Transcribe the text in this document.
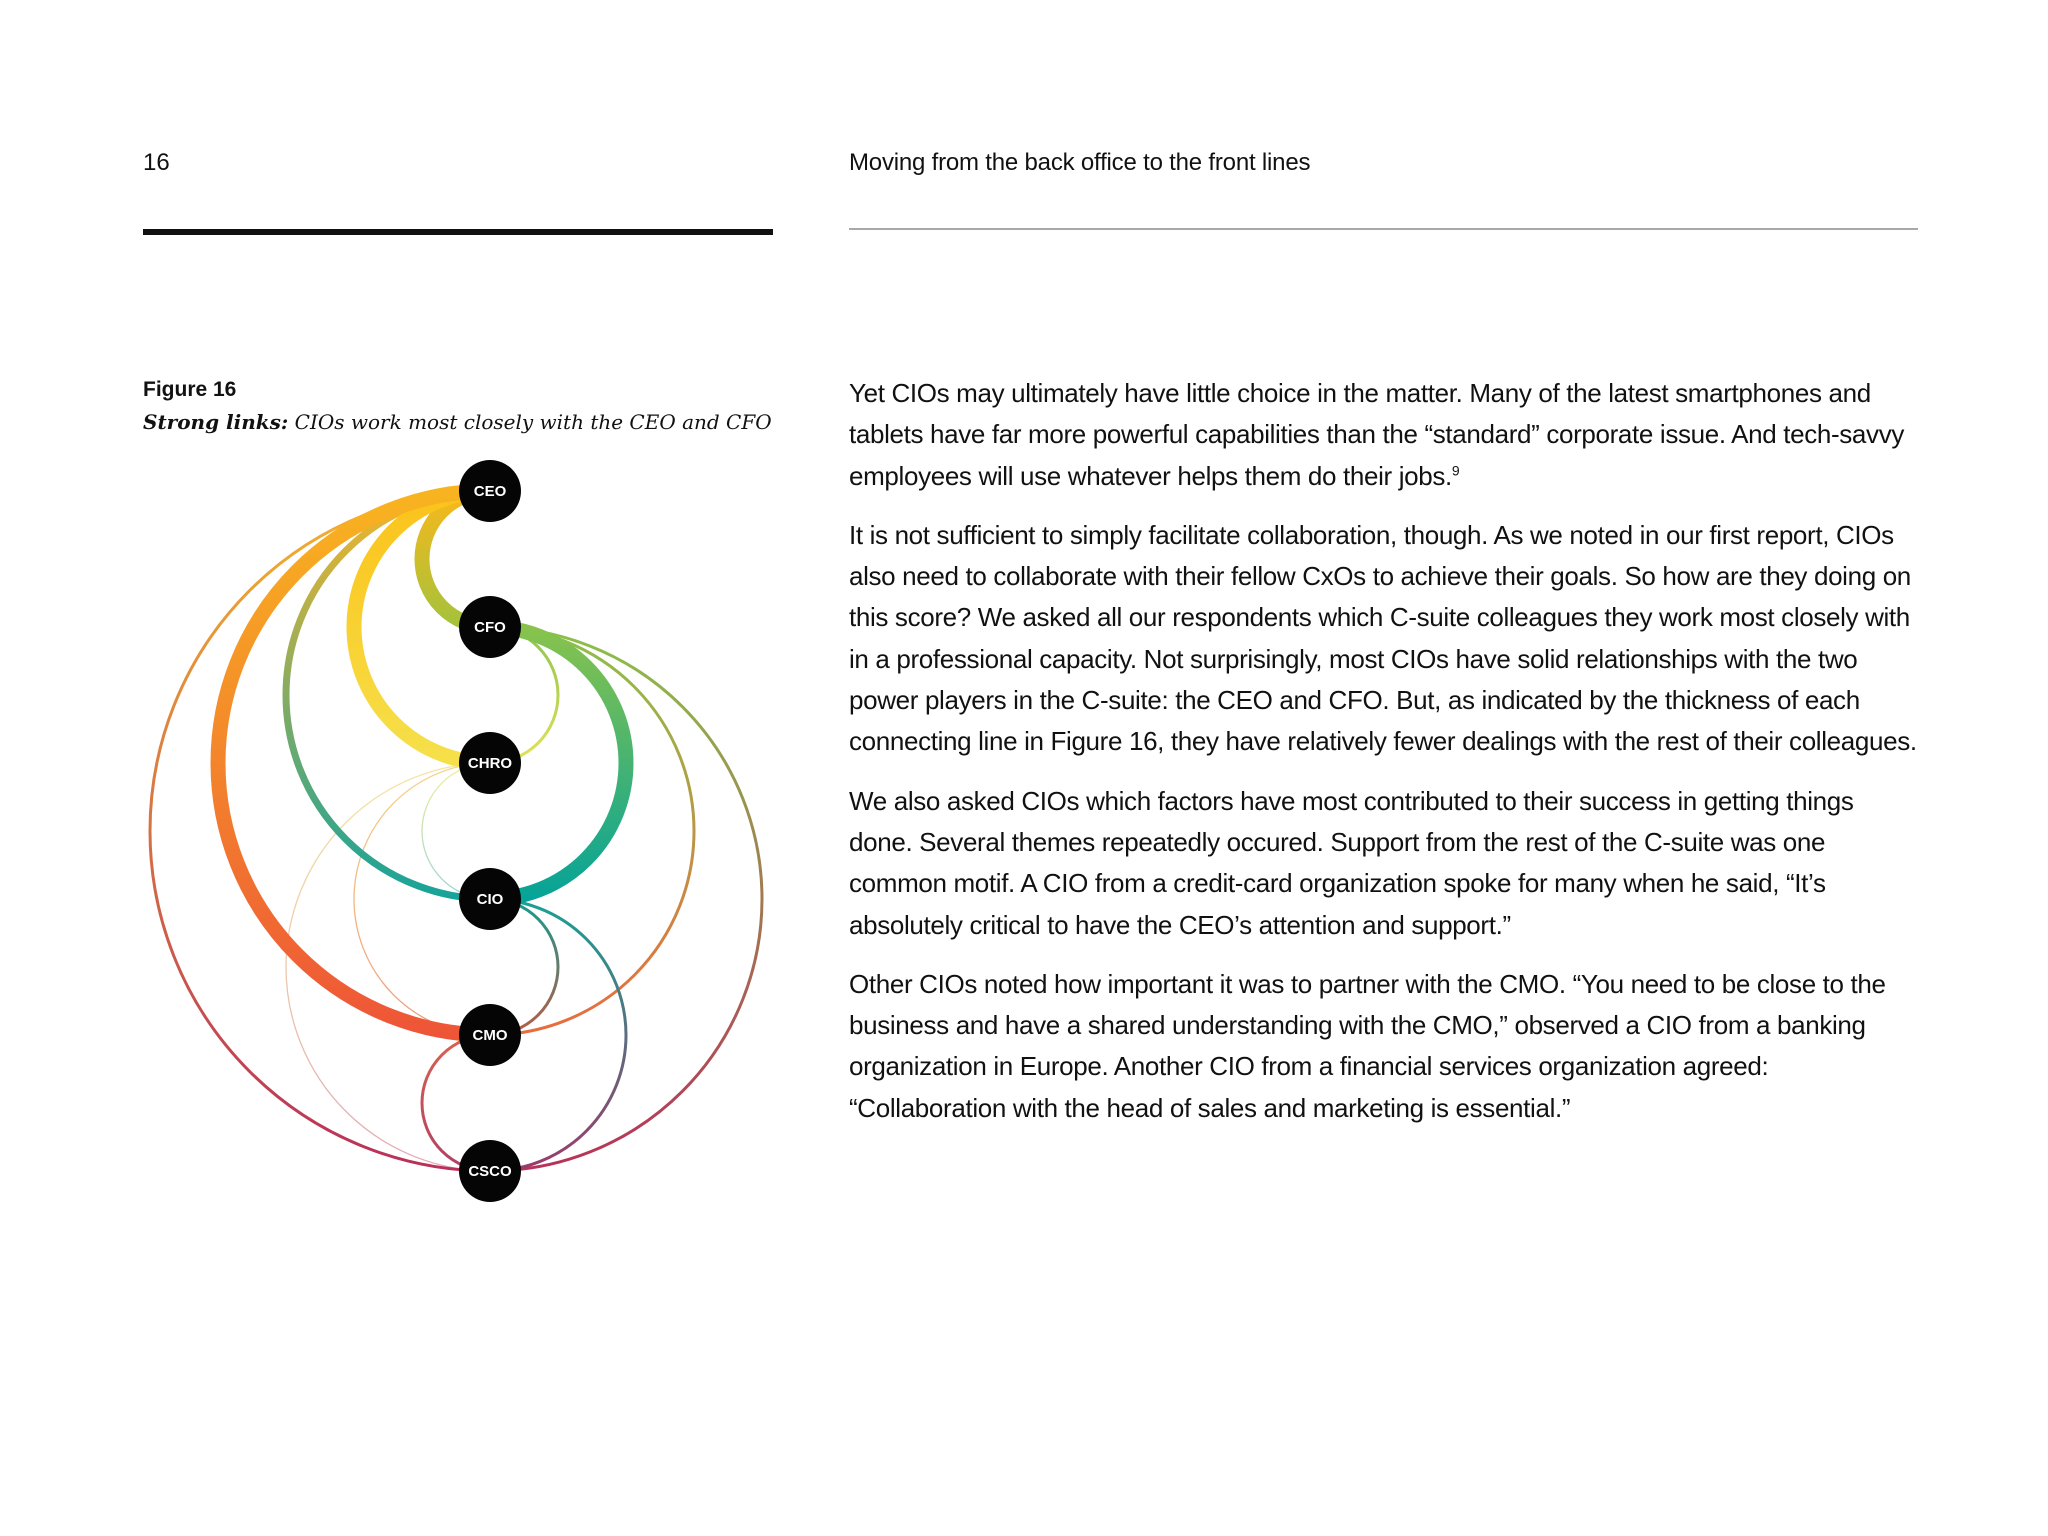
16	Moving from the back office to the front lines
Figure 16
Strong links: CIOs work most closely with the CEO and CFO
CEO
CFO
CHRO
CIO
CMO
CSCO

Yet CIOs may ultimately have little choice in the matter. Many of the latest smartphones and tablets have far more powerful capabilities than the “standard” corporate issue. And tech-savvy employees will use whatever helps them do their jobs.$^9$

It is not sufficient to simply facilitate collaboration, though. As we noted in our first report, CIOs also need to collaborate with their fellow CxOs to achieve their goals. So how are they doing on this score? We asked all our respondents which C-suite colleagues they work most closely with in a professional capacity. Not surprisingly, most CIOs have solid relationships with the two power players in the C-suite: the CEO and CFO. But, as indicated by the thickness of each connecting line in Figure 16, they have relatively fewer dealings with the rest of their colleagues.

We also asked CIOs which factors have most contributed to their success in getting things done. Several themes repeatedly occured. Support from the rest of the C-suite was one common motif. A CIO from a credit-card organization spoke for many when he said, “It’s absolutely critical to have the CEO’s attention and support.”

Other CIOs noted how important it was to partner with the CMO. “You need to be close to the business and have a shared understanding with the CMO,” observed a CIO from a banking organization in Europe. Another CIO from a financial services organization agreed: “Collaboration with the head of sales and marketing is essential.”
